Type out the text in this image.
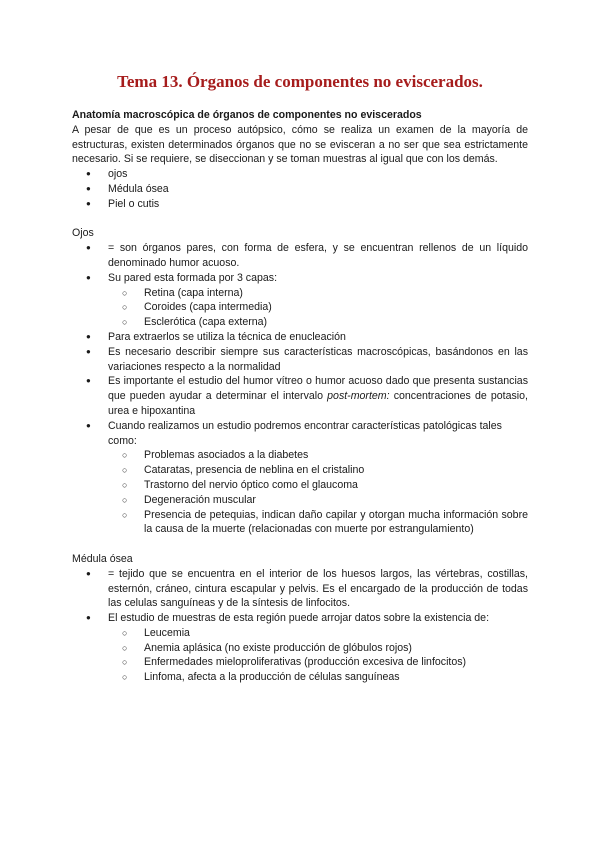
Tema 13. Órganos de componentes no eviscerados.
Anatomía macroscópica de órganos de componentes no eviscerados
A pesar de que es un proceso autópsico, cómo se realiza un examen de la mayoría de estructuras, existen determinados órganos que no se evisceran a no ser que sea estrictamente necesario. Si se requiere, se diseccionan y se toman muestras al igual que con los demás.
● ojos
● Médula ósea
● Piel o cutis
Ojos
● = son órganos pares, con forma de esfera, y se encuentran rellenos de un líquido denominado humor acuoso.
● Su pared esta formada por 3 capas:
○ Retina (capa interna)
○ Coroides (capa intermedia)
○ Esclerótica (capa externa)
● Para extraerlos se utiliza la técnica de enucleación
● Es necesario describir siempre sus características macroscópicas, basándonos en las variaciones respecto a la normalidad
● Es importante el estudio del humor vítreo o humor acuoso dado que presenta sustancias que pueden ayudar a determinar el intervalo post-mortem: concentraciones de potasio, urea e hipoxantina
● Cuando realizamos un estudio podremos encontrar características patológicas tales como:
○ Problemas asociados a la diabetes
○ Cataratas, presencia de neblina en el cristalino
○ Trastorno del nervio óptico como el glaucoma
○ Degeneración muscular
○ Presencia de petequias, indican daño capilar y otorgan mucha información sobre la causa de la muerte (relacionadas con muerte por estrangulamiento)
Médula ósea
● = tejido que se encuentra en el interior de los huesos largos, las vértebras, costillas, esternón, cráneo, cintura escapular y pelvis. Es el encargado de la producción de todas las celulas sanguíneas y de la síntesis de linfocitos.
● El estudio de muestras de esta región puede arrojar datos sobre la existencia de:
○ Leucemia
○ Anemia aplásica (no existe producción de glóbulos rojos)
○ Enfermedades mieloproliferativas (producción excesiva de linfocitos)
○ Linfoma, afecta a la producción de células sanguíneas
